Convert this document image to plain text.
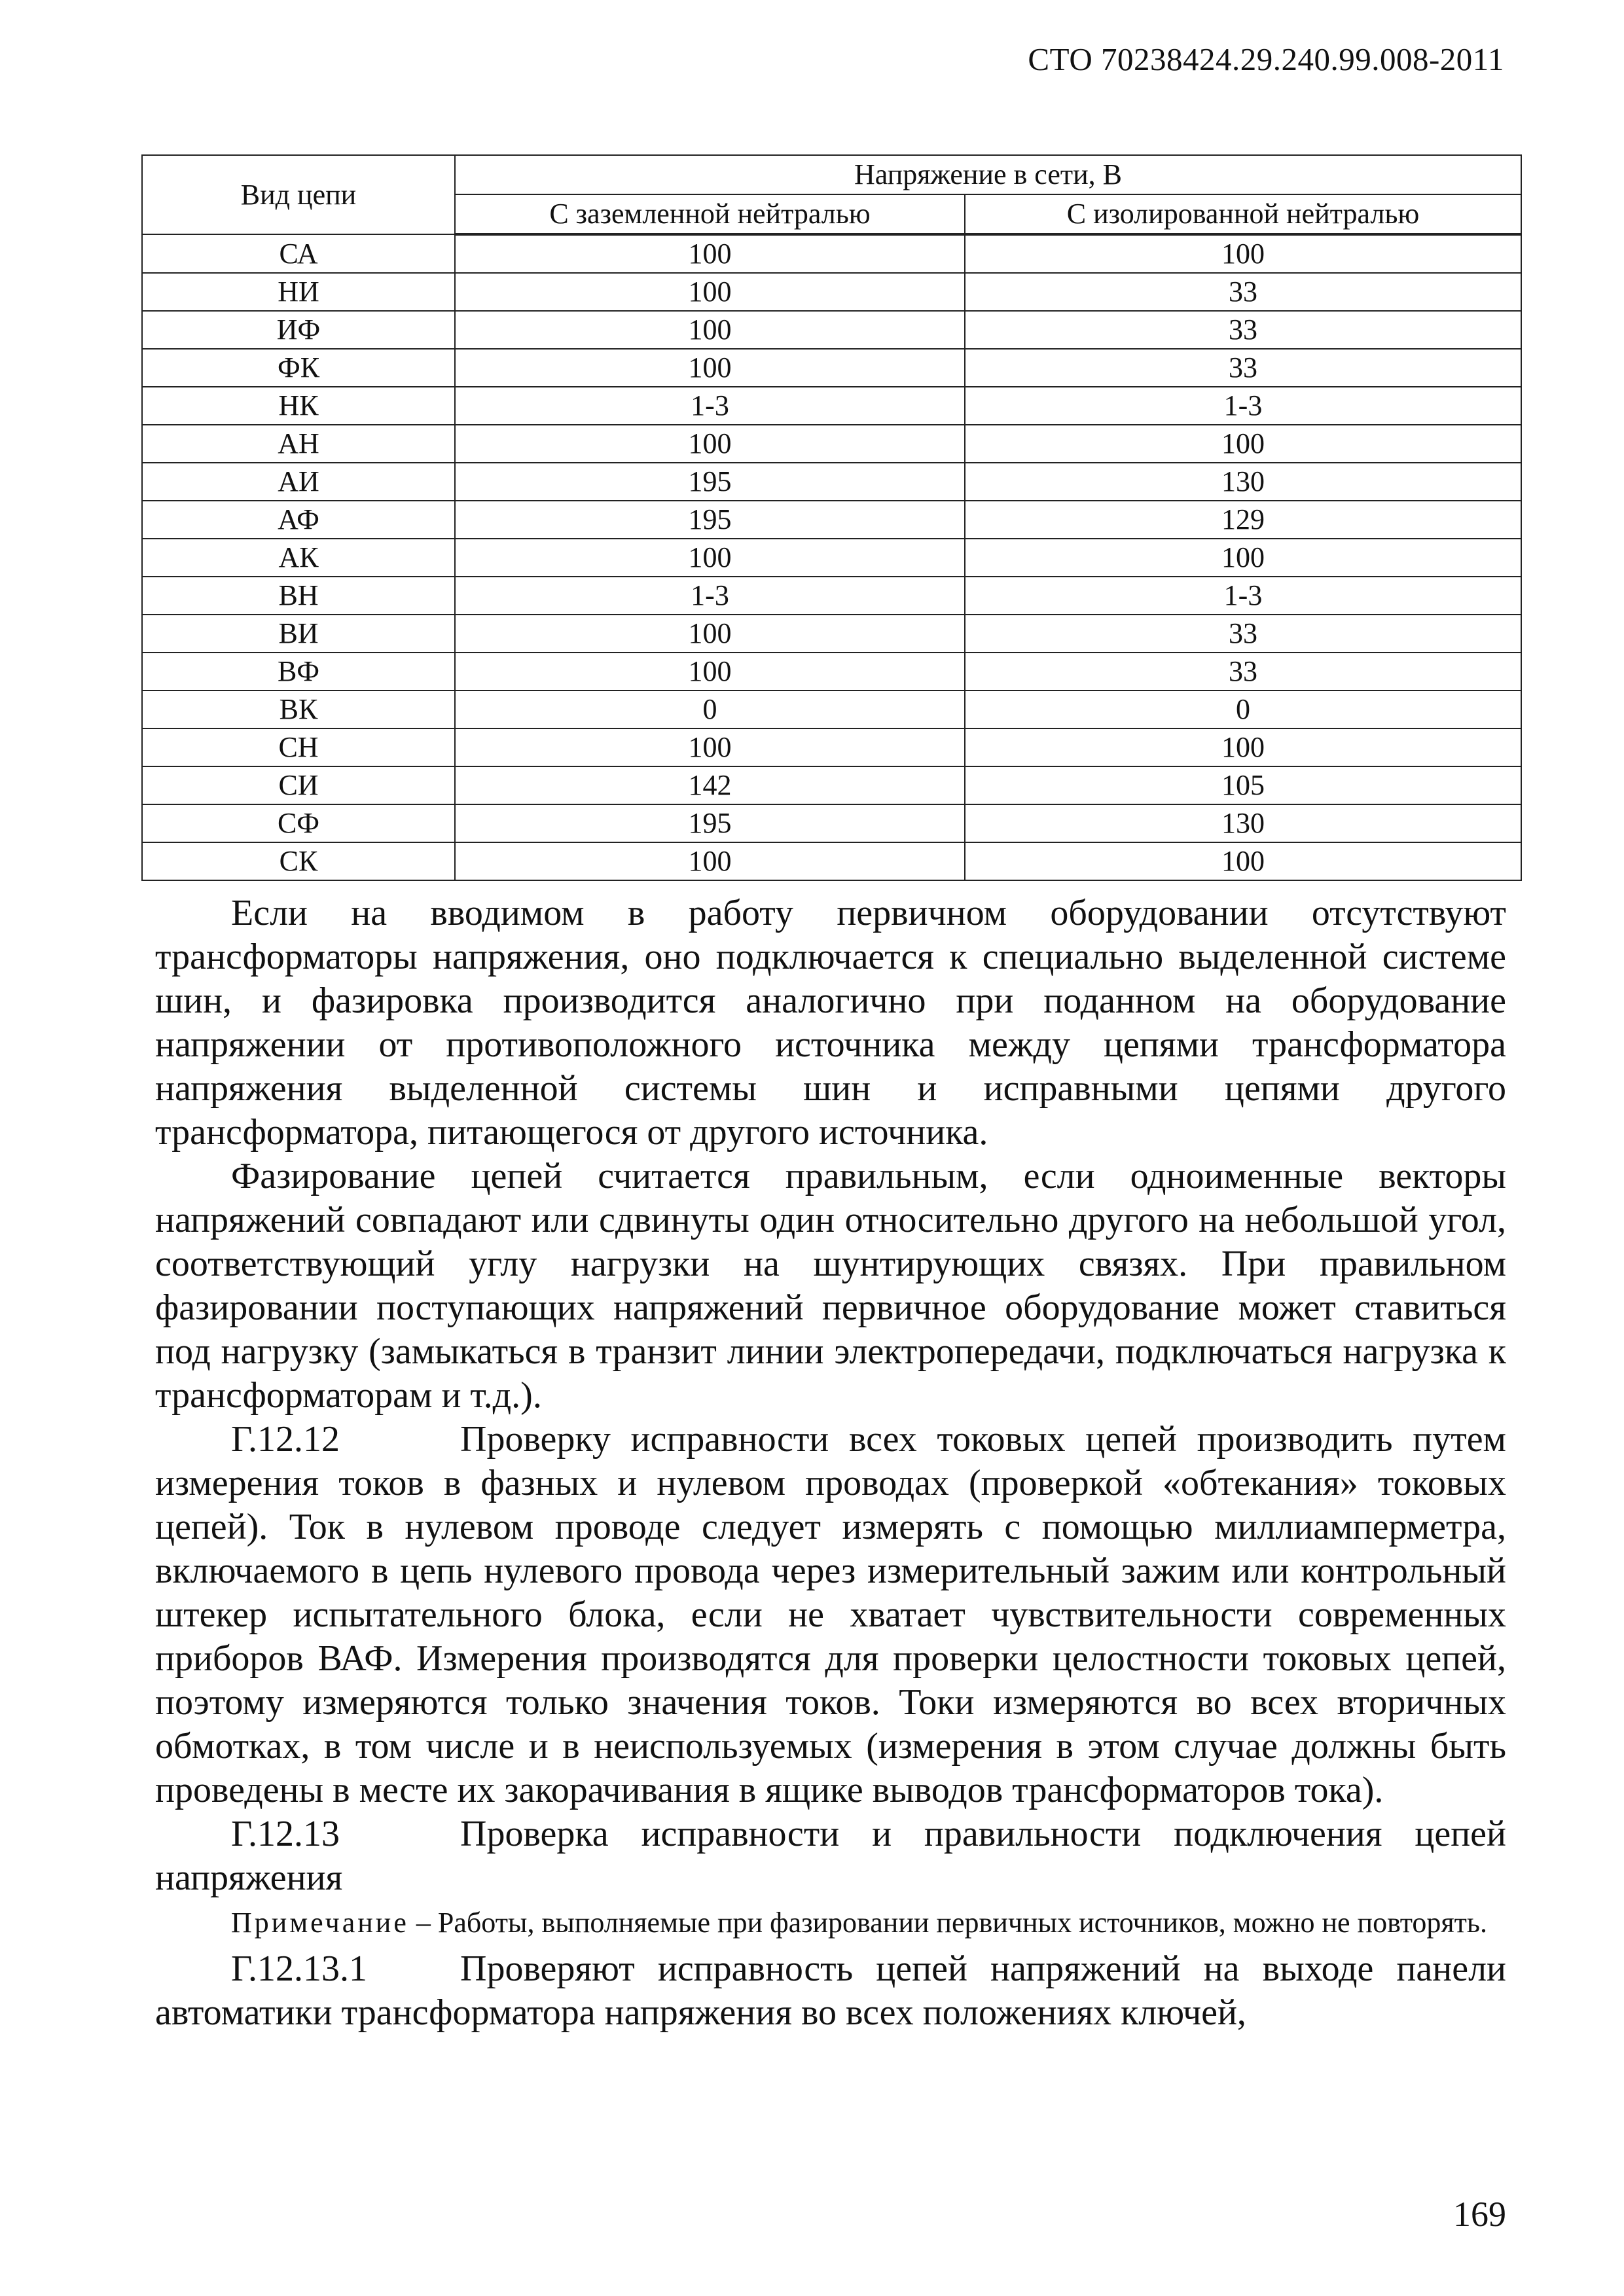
СТО 70238424.29.240.99.008-2011
Вид цепи	Напряжение в сети, В	
	С заземленной нейтралью	С изолированной нейтралью
СА	100	100
НИ	100	33
ИФ	100	33
ФК	100	33
НК	1-3	1-3
АН	100	100
АИ	195	130
АФ	195	129
АК	100	100
ВН	1-3	1-3
ВИ	100	33
ВФ	100	33
ВК	0	0
СН	100	100
СИ	142	105
СФ	195	130
СК	100	100

Если на вводимом в работу первичном оборудовании отсутствуют трансформаторы напряжения, оно подключается к специально выделенной системе шин, и фазировка производится аналогично при поданном на оборудование напряжении от противоположного источника между цепями трансформатора напряжения выделенной системы шин и исправными цепями другого трансформатора, питающегося от другого источника.

Фазирование цепей считается правильным, если одноименные векторы напряжений совпадают или сдвинуты один относительно другого на небольшой угол, соответствующий углу нагрузки на шунтирующих связях. При правильном фазировании поступающих напряжений первичное оборудование может ставиться под нагрузку (замыкаться в транзит линии электропередачи, подключаться нагрузка к трансформаторам и т.д.).

Г.12.12	Проверку исправности всех токовых цепей производить путем измерения токов в фазных и нулевом проводах (проверкой «обтекания» токовых цепей). Ток в нулевом проводе следует измерять с помощью миллиамперметра, включаемого в цепь нулевого провода через измерительный зажим или контрольный штекер испытательного блока, если не хватает чувствительности современных приборов ВАФ. Измерения производятся для проверки целостности токовых цепей, поэтому измеряются только значения токов. Токи измеряются во всех вторичных обмотках, в том числе и в неиспользуемых (измерения в этом случае должны быть проведены в месте их закорачивания в ящике выводов трансформаторов тока).

Г.12.13	Проверка исправности и правильности подключения цепей напряжения

Примечание – Работы, выполняемые при фазировании первичных источников, можно не повторять.

Г.12.13.1	Проверяют исправность цепей напряжений на выходе панели автоматики трансформатора напряжения во всех положениях ключей,

169
